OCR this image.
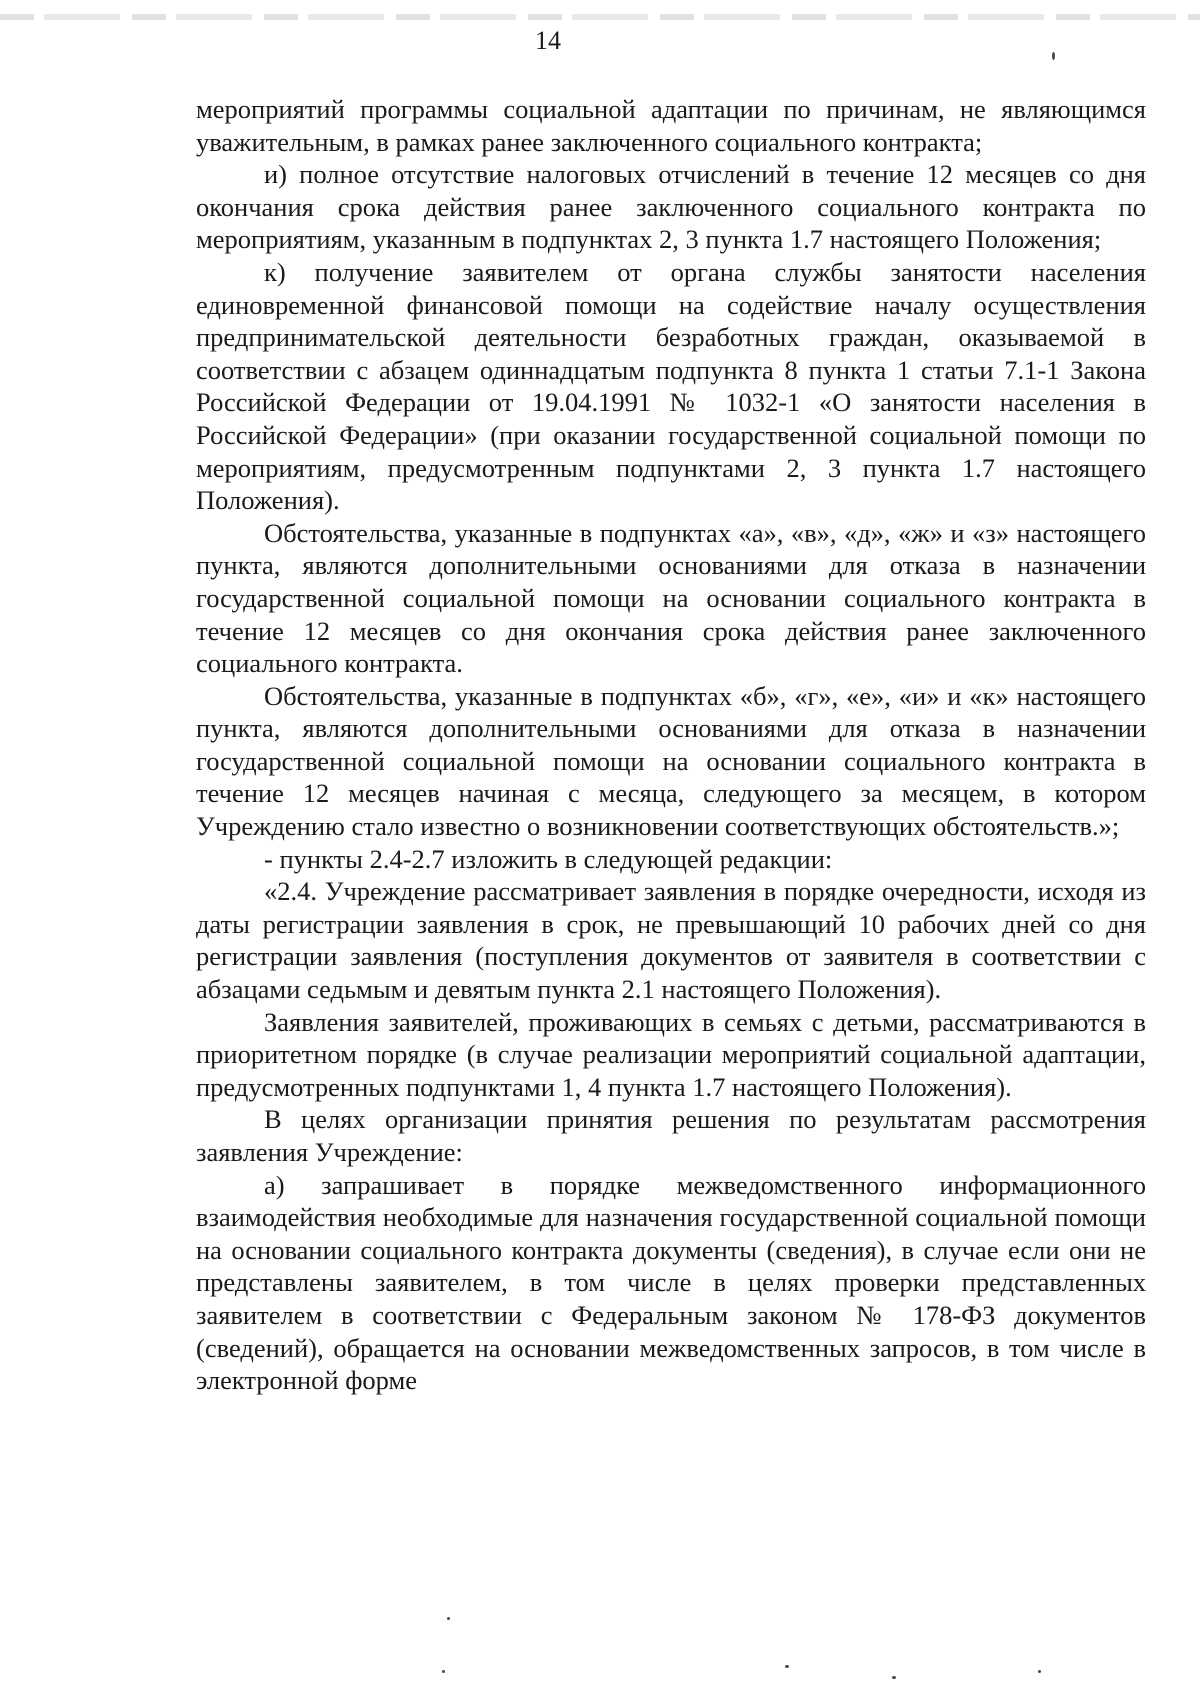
14

мероприятий программы социальной адаптации по причинам, не являющимся уважительным, в рамках ранее заключенного социального контракта;

и) полное отсутствие налоговых отчислений в течение 12 месяцев со дня окончания срока действия ранее заключенного социального контракта по мероприятиям, указанным в подпунктах 2, 3 пункта 1.7 настоящего Положения;

к) получение заявителем от органа службы занятости населения единовременной финансовой помощи на содействие началу осуществления предпринимательской деятельности безработных граждан, оказываемой в соответствии с абзацем одиннадцатым подпункта 8 пункта 1 статьи 7.1-1 Закона Российской Федерации от 19.04.1991 № 1032-1 «О занятости населения в Российской Федерации» (при оказании государственной социальной помощи по мероприятиям, предусмотренным подпунктами 2, 3 пункта 1.7 настоящего Положения).

Обстоятельства, указанные в подпунктах «а», «в», «д», «ж» и «з» настоящего пункта, являются дополнительными основаниями для отказа в назначении государственной социальной помощи на основании социального контракта в течение 12 месяцев со дня окончания срока действия ранее заключенного социального контракта.

Обстоятельства, указанные в подпунктах «б», «г», «е», «и» и «к» настоящего пункта, являются дополнительными основаниями для отказа в назначении государственной социальной помощи на основании социального контракта в течение 12 месяцев начиная с месяца, следующего за месяцем, в котором Учреждению стало известно о возникновении соответствующих обстоятельств.»;

- пункты 2.4-2.7 изложить в следующей редакции:

«2.4. Учреждение рассматривает заявления в порядке очередности, исходя из даты регистрации заявления в срок, не превышающий 10 рабочих дней со дня регистрации заявления (поступления документов от заявителя в соответствии с абзацами седьмым и девятым пункта 2.1 настоящего Положения).

Заявления заявителей, проживающих в семьях с детьми, рассматриваются в приоритетном порядке (в случае реализации мероприятий социальной адаптации, предусмотренных подпунктами 1, 4 пункта 1.7 настоящего Положения).

В целях организации принятия решения по результатам рассмотрения заявления Учреждение:

а) запрашивает в порядке межведомственного информационного взаимодействия необходимые для назначения государственной социальной помощи на основании социального контракта документы (сведения), в случае если они не представлены заявителем, в том числе в целях проверки представленных заявителем в соответствии с Федеральным законом № 178-ФЗ документов (сведений), обращается на основании межведомственных запросов, в том числе в электронной форме
